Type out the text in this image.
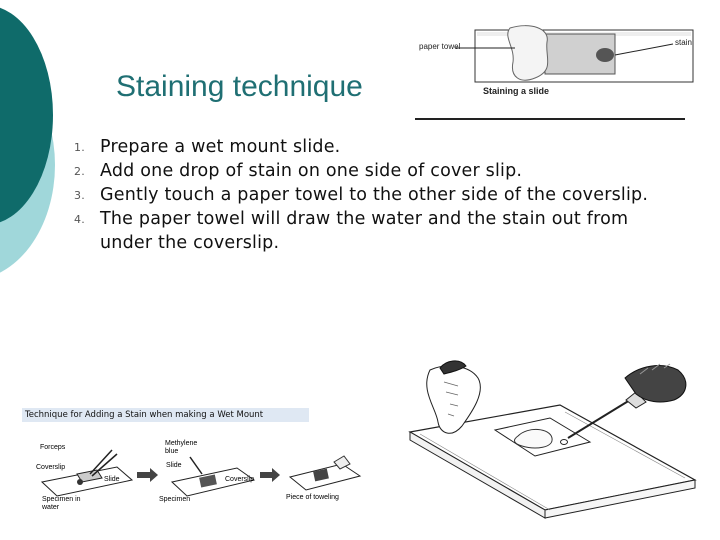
Staining technique
paper towel	stain
Staining a slide
1. Prepare a wet mount slide.
2. Add one drop of stain on one side of cover slip.
3. Gently touch a paper towel to the other side of the coverslip.
4. The paper towel will draw the water and the stain out from under the coverslip.
Technique for Adding a Stain when making a Wet Mount
Forceps
Coverslip
Slide
Specimen in water
Methylene blue
Slide
Coverslip
Specimen	Piece of toweling
